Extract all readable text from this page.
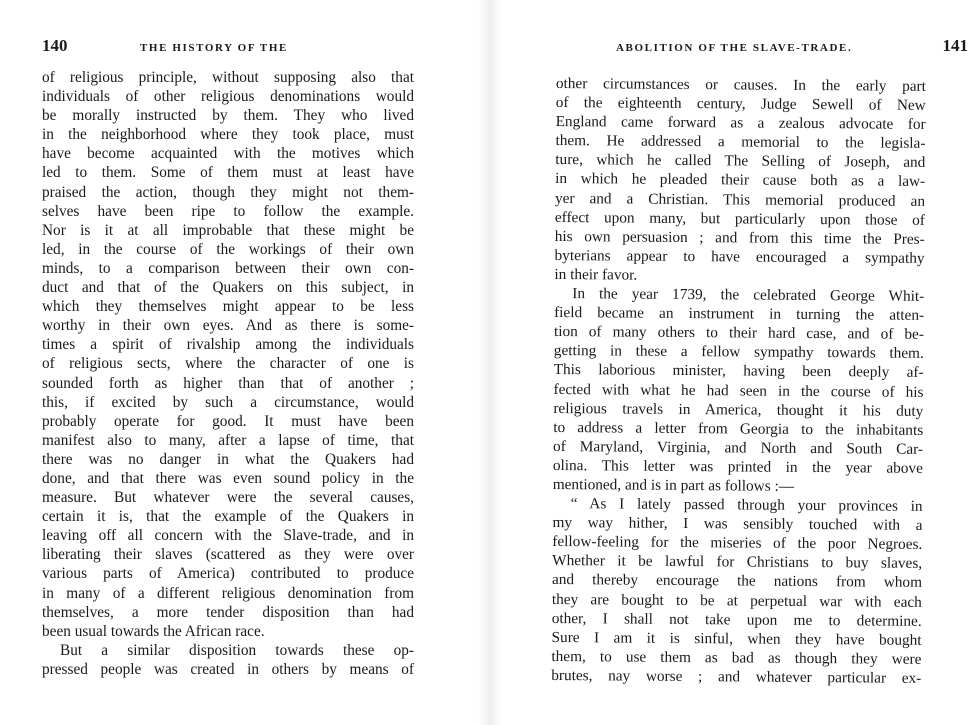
140	THE HISTORY OF THE
of religious principle, without supposing also that
individuals of other religious denominations would
be morally instructed by them. They who lived
in the neighborhood where they took place, must
have become acquainted with the motives which
led to them. Some of them must at least have
praised the action, though they might not them-
selves have been ripe to follow the example.
Nor is it at all improbable that these might be
led, in the course of the workings of their own
minds, to a comparison between their own con-
duct and that of the Quakers on this subject, in
which they themselves might appear to be less
worthy in their own eyes. And as there is some-
times a spirit of rivalship among the individuals
of religious sects, where the character of one is
sounded forth as higher than that of another ;
this, if excited by such a circumstance, would
probably operate for good. It must have been
manifest also to many, after a lapse of time, that
there was no danger in what the Quakers had
done, and that there was even sound policy in the
measure. But whatever were the several causes,
certain it is, that the example of the Quakers in
leaving off all concern with the Slave-trade, and in
liberating their slaves (scattered as they were over
various parts of America) contributed to produce
in many of a different religious denomination from
themselves, a more tender disposition than had
been usual towards the African race.
But a similar disposition towards these op-
pressed people was created in others by means of
ABOLITION OF THE SLAVE-TRADE.	141
other circumstances or causes. In the early part
of the eighteenth century, Judge Sewell of New
England came forward as a zealous advocate for
them. He addressed a memorial to the legisla-
ture, which he called The Selling of Joseph, and
in which he pleaded their cause both as a law-
yer and a Christian. This memorial produced an
effect upon many, but particularly upon those of
his own persuasion ; and from this time the Pres-
byterians appear to have encouraged a sympathy
in their favor.
In the year 1739, the celebrated George Whit-
field became an instrument in turning the atten-
tion of many others to their hard case, and of be-
getting in these a fellow sympathy towards them.
This laborious minister, having been deeply af-
fected with what he had seen in the course of his
religious travels in America, thought it his duty
to address a letter from Georgia to the inhabitants
of Maryland, Virginia, and North and South Car-
olina. This letter was printed in the year above
mentioned, and is in part as follows :—
“ As I lately passed through your provinces in
my way hither, I was sensibly touched with a
fellow-feeling for the miseries of the poor Negroes.
Whether it be lawful for Christians to buy slaves,
and thereby encourage the nations from whom
they are bought to be at perpetual war with each
other, I shall not take upon me to determine.
Sure I am it is sinful, when they have bought
them, to use them as bad as though they were
brutes, nay worse ; and whatever particular ex-
